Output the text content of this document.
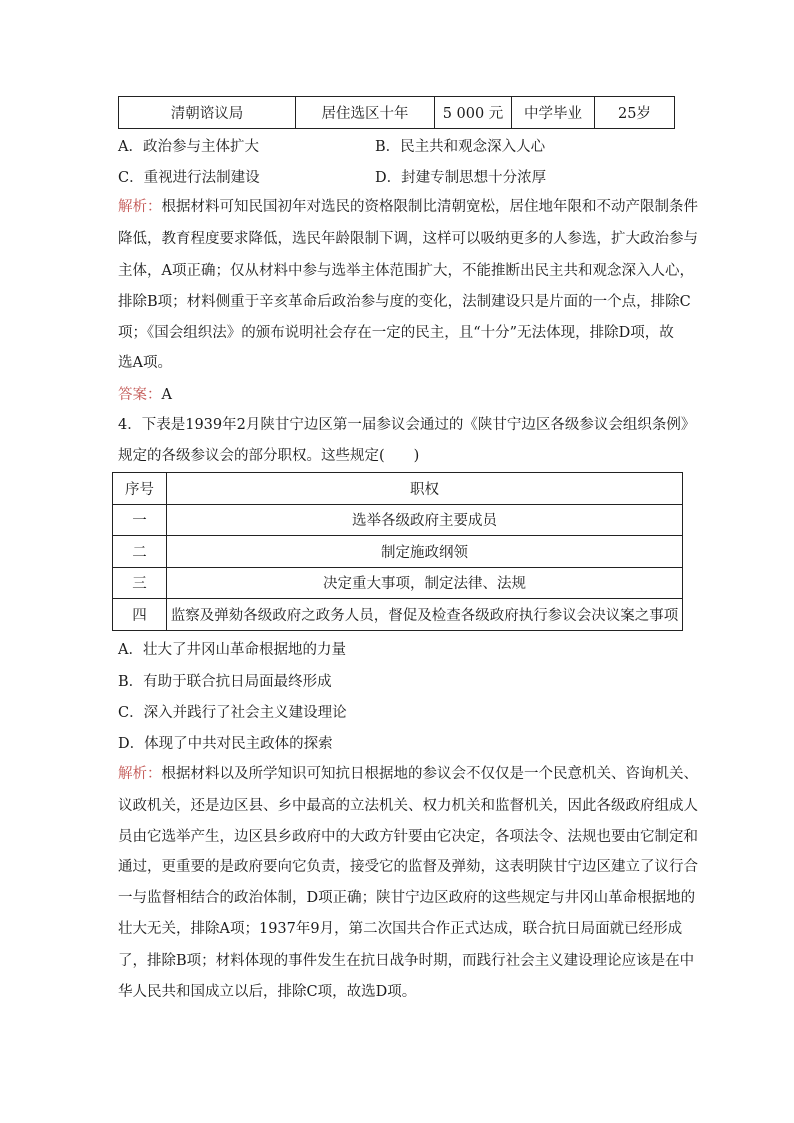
清朝谘议局	居住选区十年	5 000 元	中学毕业	25岁
A．政治参与主体扩大	B．民主共和观念深入人心
C．重视进行法制建设	D．封建专制思想十分浓厚
解析：根据材料可知民国初年对选民的资格限制比清朝宽松，居住地年限和不动产限制条件
降低，教育程度要求降低，选民年龄限制下调，这样可以吸纳更多的人参选，扩大政治参与
主体，A项正确；仅从材料中参与选举主体范围扩大，不能推断出民主共和观念深入人心，
排除B项；材料侧重于辛亥革命后政治参与度的变化，法制建设只是片面的一个点，排除C
项；《国会组织法》的颁布说明社会存在一定的民主，且“十分”无法体现，排除D项，故
选A项。
答案：A
4．下表是1939年2月陕甘宁边区第一届参议会通过的《陕甘宁边区各级参议会组织条例》
规定的各级参议会的部分职权。这些规定(　　)
序号	职权
一	选举各级政府主要成员
二	制定施政纲领
三	决定重大事项，制定法律、法规
四	监察及弹劾各级政府之政务人员，督促及检查各级政府执行参议会决议案之事项
A．壮大了井冈山革命根据地的力量
B．有助于联合抗日局面最终形成
C．深入并践行了社会主义建设理论
D．体现了中共对民主政体的探索
解析：根据材料以及所学知识可知抗日根据地的参议会不仅仅是一个民意机关、咨询机关、
议政机关，还是边区县、乡中最高的立法机关、权力机关和监督机关，因此各级政府组成人
员由它选举产生，边区县乡政府中的大政方针要由它决定，各项法令、法规也要由它制定和
通过，更重要的是政府要向它负责，接受它的监督及弹劾，这表明陕甘宁边区建立了议行合
一与监督相结合的政治体制，D项正确；陕甘宁边区政府的这些规定与井冈山革命根据地的
壮大无关，排除A项；1937年9月，第二次国共合作正式达成，联合抗日局面就已经形成
了，排除B项；材料体现的事件发生在抗日战争时期，而践行社会主义建设理论应该是在中
华人民共和国成立以后，排除C项，故选D项。
